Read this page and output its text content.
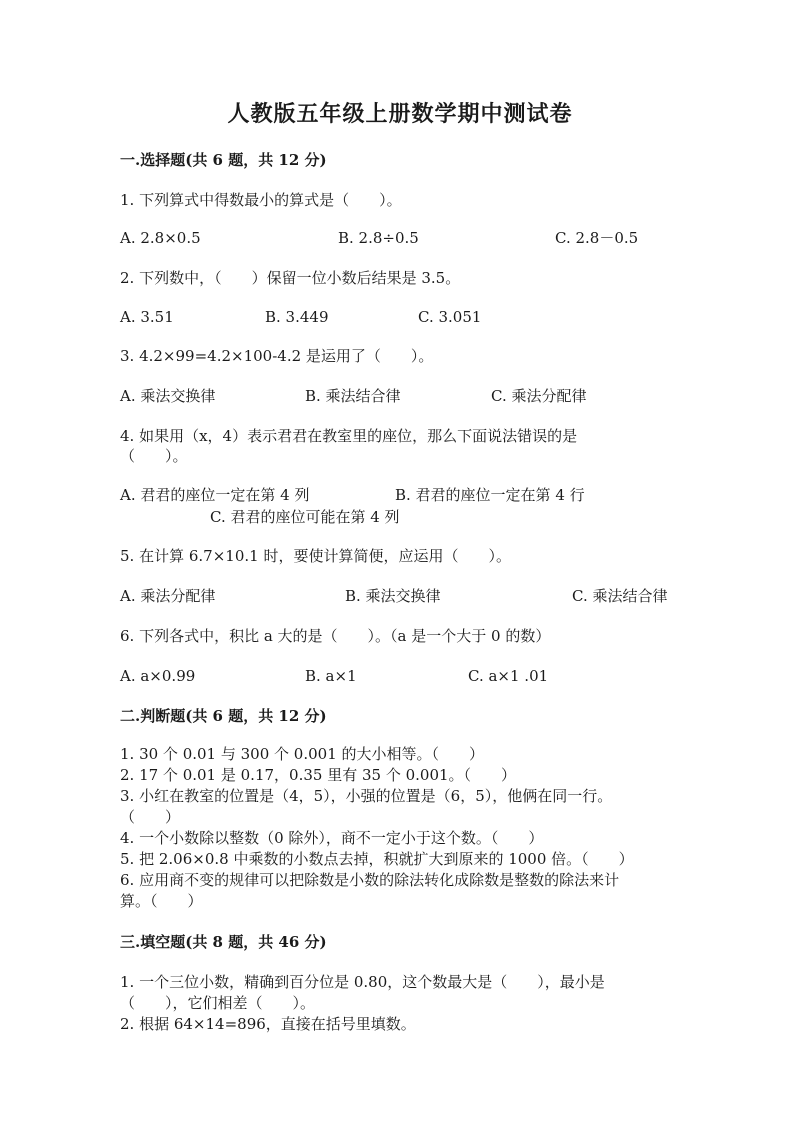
人教版五年级上册数学期中测试卷
一.选择题(共 6 题，共 12 分)
1. 下列算式中得数最小的算式是（　　）。
A. 2.8×0.5	B. 2.8÷0.5	C. 2.8－0.5
2. 下列数中，（　　）保留一位小数后结果是 3.5。
A. 3.51	B. 3.449	C. 3.051
3. 4.2×99=4.2×100-4.2 是运用了（　　）。
A. 乘法交换律	B. 乘法结合律	C. 乘法分配律
4. 如果用（x，4）表示君君在教室里的座位，那么下面说法错误的是
（　　）。
A. 君君的座位一定在第 4 列	B. 君君的座位一定在第 4 行
C. 君君的座位可能在第 4 列
5. 在计算 6.7×10.1 时，要使计算简便，应运用（　　）。
A. 乘法分配律	B. 乘法交换律	C. 乘法结合律
6. 下列各式中，积比 a 大的是（　　）。（a 是一个大于 0 的数）
A. a×0.99	B. a×1	C. a×1 .01
二.判断题(共 6 题，共 12 分)
1. 30 个 0.01 与 300 个 0.001 的大小相等。（　　）
2. 17 个 0.01 是 0.17，0.35 里有 35 个 0.001。（　　）
3. 小红在教室的位置是（4，5），小强的位置是（6，5），他俩在同一行。
（　　）
4. 一个小数除以整数（0 除外），商不一定小于这个数。（　　）
5. 把 2.06×0.8 中乘数的小数点去掉，积就扩大到原来的 1000 倍。（　　）
6. 应用商不变的规律可以把除数是小数的除法转化成除数是整数的除法来计
算。（　　）
三.填空题(共 8 题，共 46 分)
1. 一个三位小数，精确到百分位是 0.80，这个数最大是（　　），最小是
（　　），它们相差（　　）。
2. 根据 64×14=896，直接在括号里填数。
